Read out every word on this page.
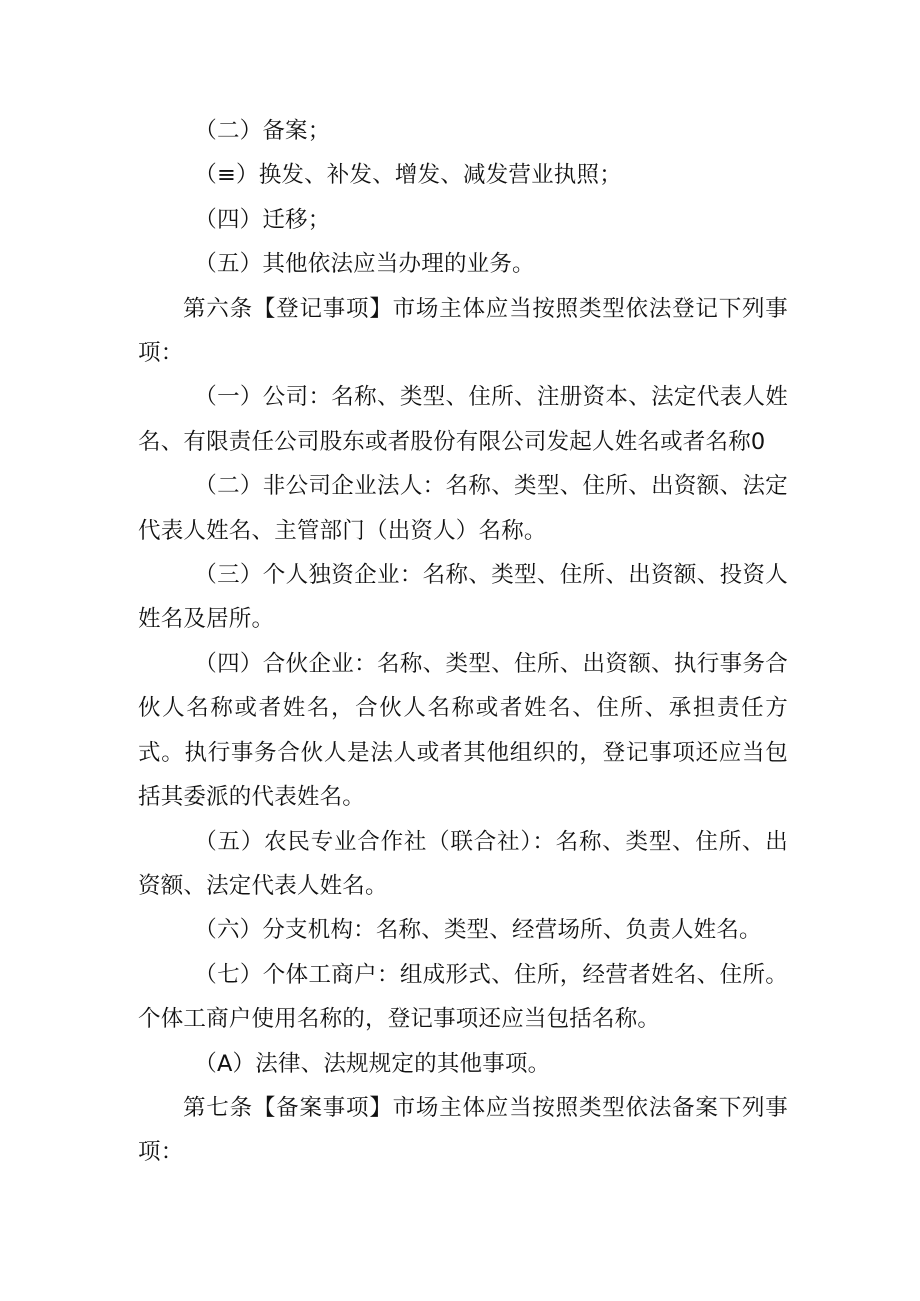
（二）备案；

（≡）换发、补发、增发、减发营业执照；

（四）迁移；

（五）其他依法应当办理的业务。

第六条【登记事项】市场主体应当按照类型依法登记下列事项：

（一）公司：名称、类型、住所、注册资本、法定代表人姓名、有限责任公司股东或者股份有限公司发起人姓名或者名称0

（二）非公司企业法人：名称、类型、住所、出资额、法定代表人姓名、主管部门（出资人）名称。

（三）个人独资企业：名称、类型、住所、出资额、投资人姓名及居所。

（四）合伙企业：名称、类型、住所、出资额、执行事务合伙人名称或者姓名，合伙人名称或者姓名、住所、承担责任方式。执行事务合伙人是法人或者其他组织的，登记事项还应当包括其委派的代表姓名。

（五）农民专业合作社（联合社）：名称、类型、住所、出资额、法定代表人姓名。

（六）分支机构：名称、类型、经营场所、负责人姓名。

（七）个体工商户：组成形式、住所，经营者姓名、住所。个体工商户使用名称的，登记事项还应当包括名称。

（A）法律、法规规定的其他事项。

第七条【备案事项】市场主体应当按照类型依法备案下列事项：
